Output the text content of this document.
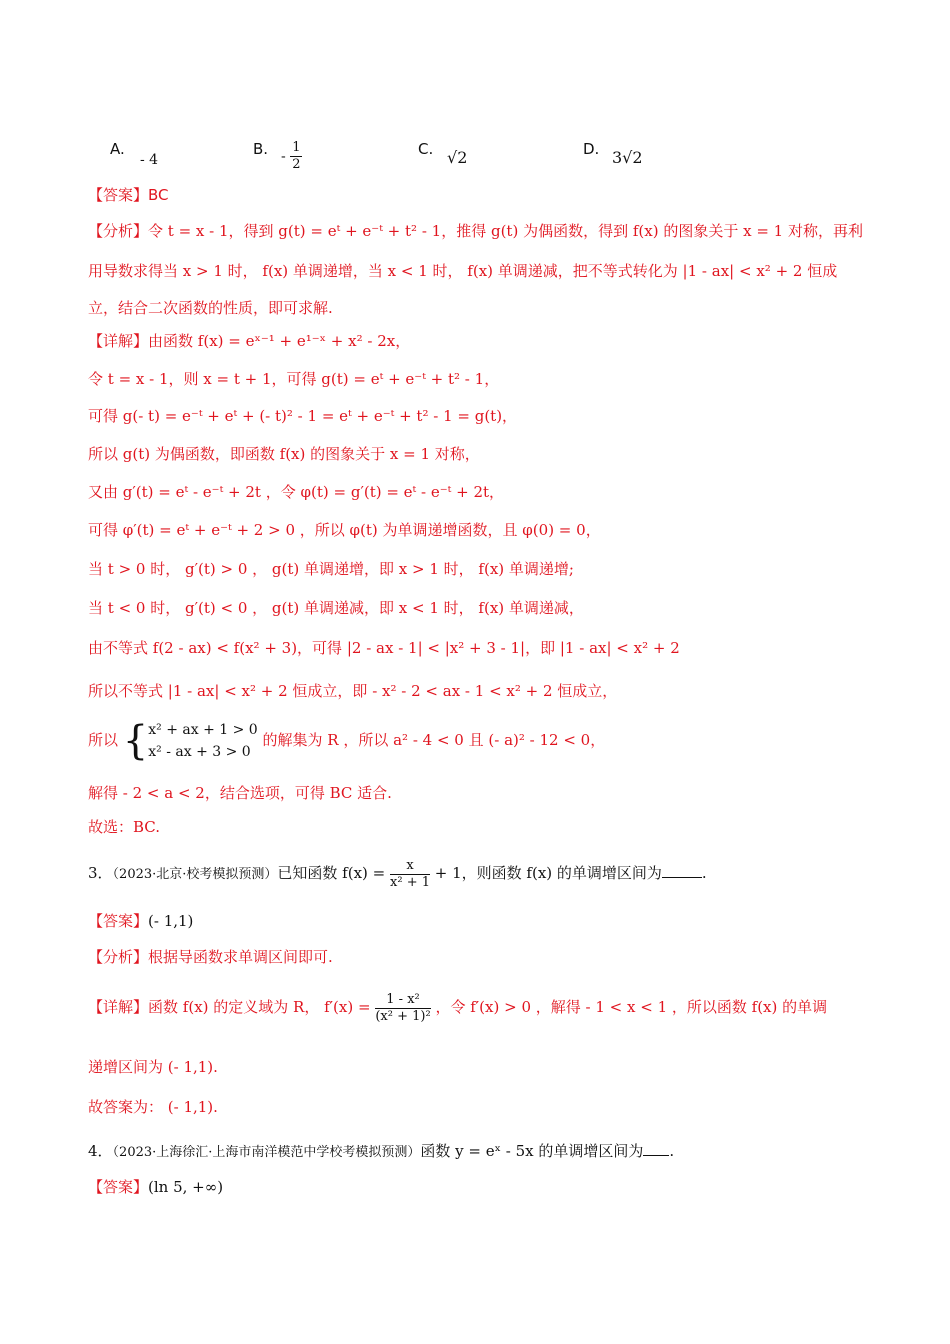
A.
- 4
B. - $\frac{1}{2}$	C. √2	D. 3√2
【答案】BC
【分析】令 t = x - 1，得到 g(t) = eᵗ + e⁻ᵗ + t² - 1，推得 g(t) 为偶函数，得到 f(x) 的图象关于 x = 1 对称，再利
用导数求得当 x > 1 时， f(x) 单调递增，当 x < 1 时， f(x) 单调递减，把不等式转化为 |1 - ax| < x² + 2 恒成
立，结合二次函数的性质，即可求解.
【详解】由函数 f(x) = eˣ⁻¹ + e¹⁻ˣ + x² - 2x，
令 t = x - 1，则 x = t + 1，可得 g(t) = eᵗ + e⁻ᵗ + t² - 1，
可得 g(- t) = e⁻ᵗ + eᵗ + (- t)² - 1 = eᵗ + e⁻ᵗ + t² - 1 = g(t)，
所以 g(t) 为偶函数，即函数 f(x) 的图象关于 x = 1 对称，
又由 g′(t) = eᵗ - e⁻ᵗ + 2t ，令 φ(t) = g′(t) = eᵗ - e⁻ᵗ + 2t，
可得 φ′(t) = eᵗ + e⁻ᵗ + 2 > 0 ，所以 φ(t) 为单调递增函数，且 φ(0) = 0，
当 t > 0 时， g′(t) > 0 ， g(t) 单调递增，即 x > 1 时， f(x) 单调递增;
当 t < 0 时， g′(t) < 0 ， g(t) 单调递减，即 x < 1 时， f(x) 单调递减，
由不等式 f(2 - ax) < f(x² + 3)，可得 |2 - ax - 1| < |x² + 3 - 1|，即 |1 - ax| < x² + 2
所以不等式 |1 - ax| < x² + 2 恒成立，即 - x² - 2 < ax - 1 < x² + 2 恒成立，
所以 { x² + ax + 1 > 0
x² - ax + 3 > 0
的解集为 R ，所以 a² - 4 < 0 且 (- a)² - 12 < 0，
解得 - 2 < a < 2，结合选项，可得 BC 适合.
故选：BC.
3．（2023·北京·校考模拟预测）已知函数 $f(x) = \frac{x}{\text{x² + 1}} + 1$，则函数 f(x) 的单调增区间为	.
【答案】(- 1,1)
【分析】根据导函数求单调区间即可.
【详解】函数 f(x) 的定义域为 R， $f'(x) = \frac{\text{1 - x²}}{\text{(x² + 1)²}}$ ，令 f′(x) > 0 ，解得 - 1 < x < 1 ，所以函数 f(x) 的单调
递增区间为 (- 1,1).
故答案为： (- 1,1).
4．（2023·上海徐汇·上海市南洋模范中学校考模拟预测）函数 y = eˣ - 5x 的单调增区间为 .
【答案】(ln 5, +∞)
